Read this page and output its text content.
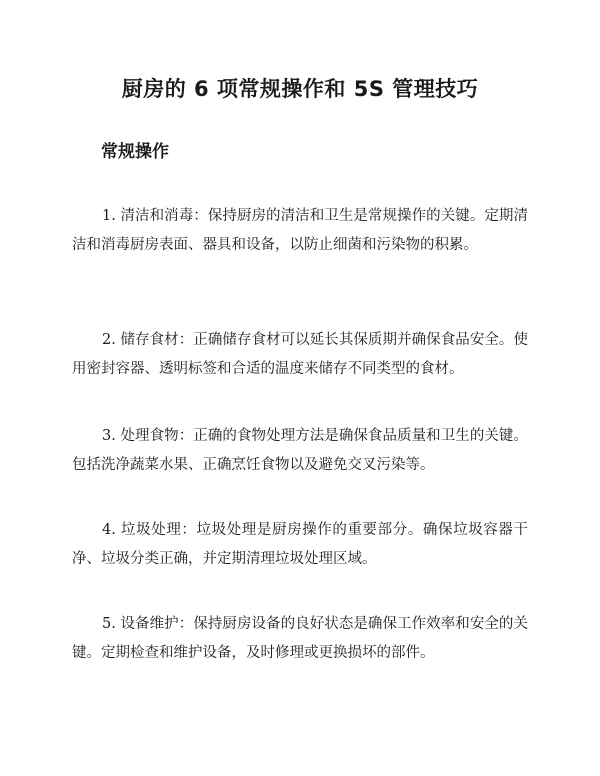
厨房的 6 项常规操作和 5S 管理技巧
常规操作

1. 清洁和消毒：保持厨房的清洁和卫生是常规操作的关键。定期清洁和消毒厨房表面、器具和设备，以防止细菌和污染物的积累。

2. 储存食材：正确储存食材可以延长其保质期并确保食品安全。使用密封容器、透明标签和合适的温度来储存不同类型的食材。

3. 处理食物：正确的食物处理方法是确保食品质量和卫生的关键。包括洗净蔬菜水果、正确烹饪食物以及避免交叉污染等。

4. 垃圾处理：垃圾处理是厨房操作的重要部分。确保垃圾容器干净、垃圾分类正确，并定期清理垃圾处理区域。

5. 设备维护：保持厨房设备的良好状态是确保工作效率和安全的关键。定期检查和维护设备，及时修理或更换损坏的部件。
